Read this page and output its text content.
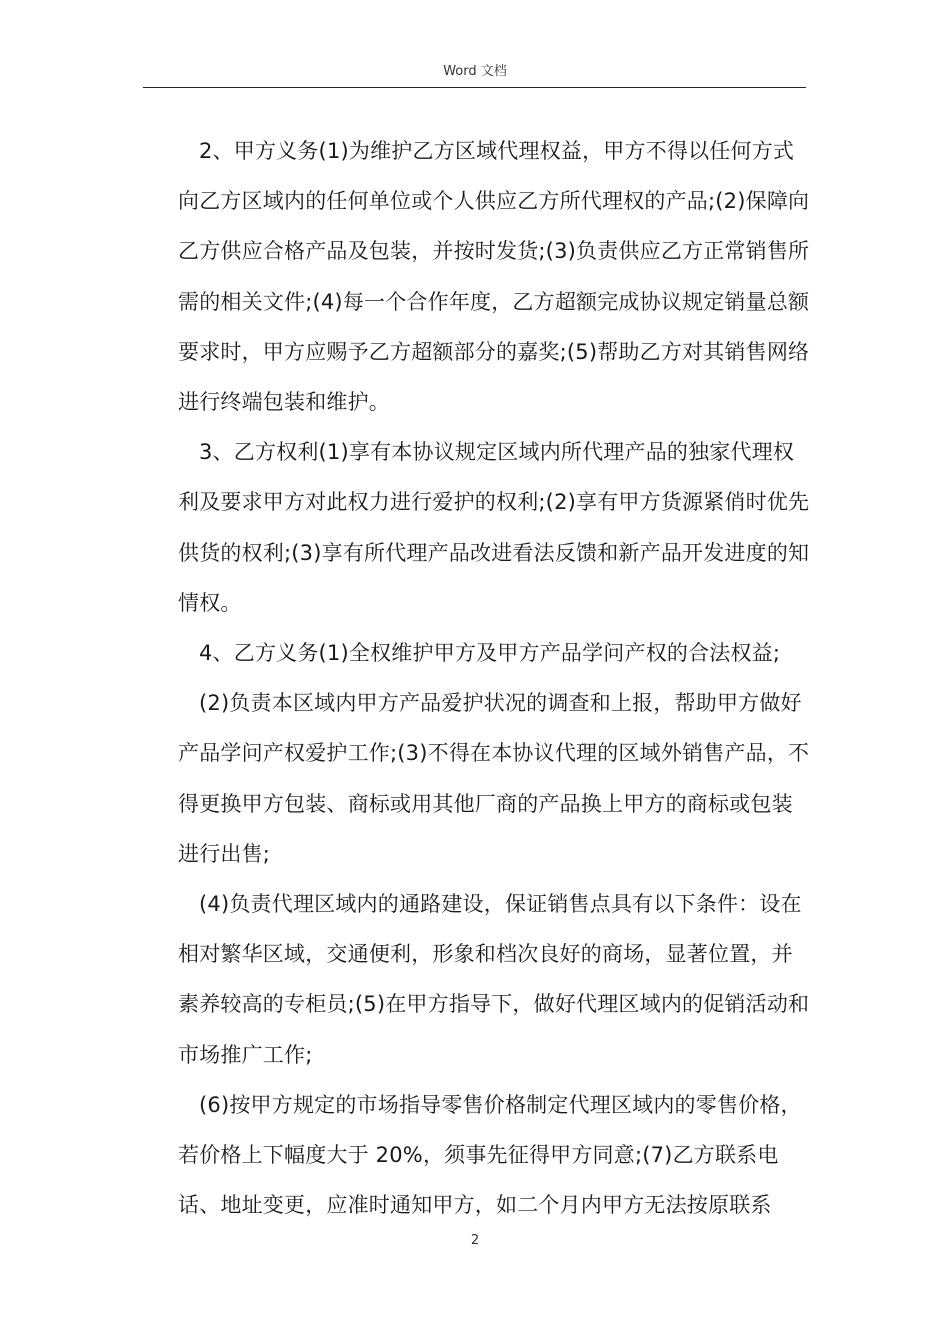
Word 文档

2、甲方义务(1)为维护乙方区域代理权益，甲方不得以任何方式向乙方区域内的任何单位或个人供应乙方所代理权的产品;(2)保障向乙方供应合格产品及包装，并按时发货;(3)负责供应乙方正常销售所需的相关文件;(4)每一个合作年度，乙方超额完成协议规定销量总额要求时，甲方应赐予乙方超额部分的嘉奖;(5)帮助乙方对其销售网络进行终端包装和维护。

3、乙方权利(1)享有本协议规定区域内所代理产品的独家代理权利及要求甲方对此权力进行爱护的权利;(2)享有甲方货源紧俏时优先供货的权利;(3)享有所代理产品改进看法反馈和新产品开发进度的知情权。

4、乙方义务(1)全权维护甲方及甲方产品学问产权的合法权益;

(2)负责本区域内甲方产品爱护状况的调查和上报，帮助甲方做好产品学问产权爱护工作;(3)不得在本协议代理的区域外销售产品，不得更换甲方包装、商标或用其他厂商的产品换上甲方的商标或包装进行出售;

(4)负责代理区域内的通路建设，保证销售点具有以下条件：设在相对繁华区域，交通便利，形象和档次良好的商场，显著位置，并素养较高的专柜员;(5)在甲方指导下，做好代理区域内的促销活动和市场推广工作;

(6)按甲方规定的市场指导零售价格制定代理区域内的零售价格，若价格上下幅度大于 20%，须事先征得甲方同意;(7)乙方联系电话、地址变更，应准时通知甲方，如二个月内甲方无法按原联系

2
